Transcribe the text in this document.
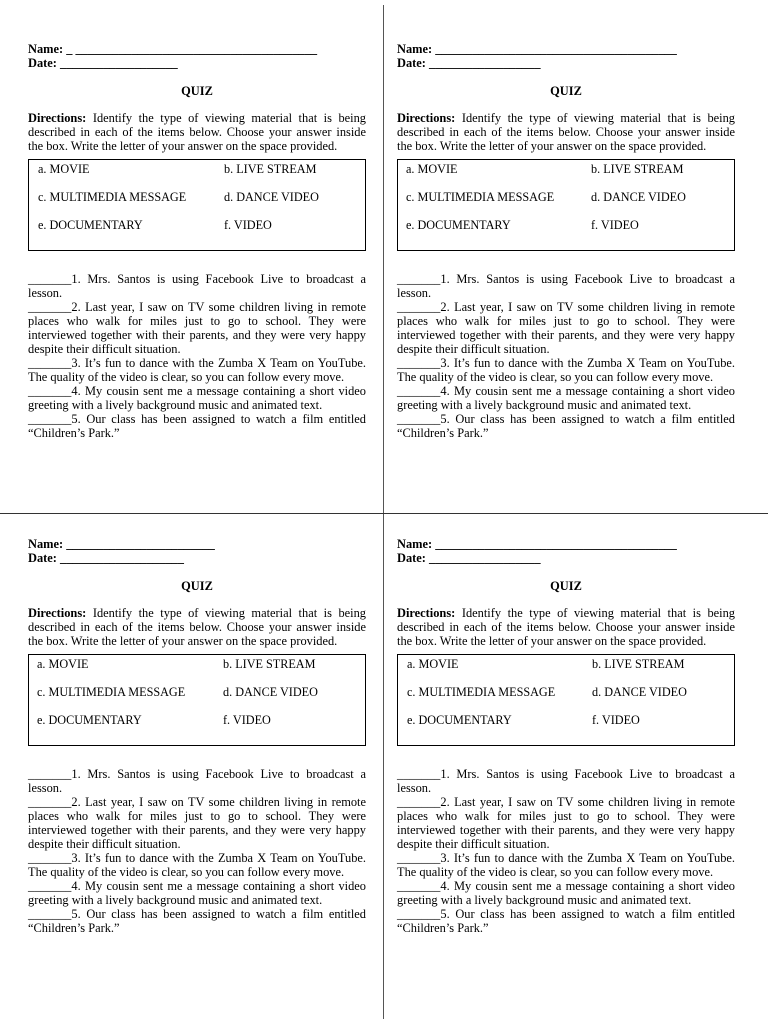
Name: _ _______________________________________
Date: ___________________
QUIZ
Directions: Identify the type of viewing material that is being described in each of the items below. Choose your answer inside the box. Write the letter of your answer on the space provided.
a. MOVIE	b. LIVE STREAM
c. MULTIMEDIA MESSAGE	d. DANCE VIDEO
e. DOCUMENTARY	f. VIDEO
_______1. Mrs. Santos is using Facebook Live to broadcast a lesson.
_______2. Last year, I saw on TV some children living in remote places who walk for miles just to go to school. They were interviewed together with their parents, and they were very happy despite their difficult situation.
_______3. It’s fun to dance with the Zumba X Team on YouTube. The quality of the video is clear, so you can follow every move.
_______4. My cousin sent me a message containing a short video greeting with a lively background music and animated text.
_______5. Our class has been assigned to watch a film entitled “Children’s Park.”
Name: _______________________________________
Date: __________________
QUIZ
Directions: Identify the type of viewing material that is being described in each of the items below. Choose your answer inside the box. Write the letter of your answer on the space provided.
a. MOVIE	b. LIVE STREAM
c. MULTIMEDIA MESSAGE	d. DANCE VIDEO
e. DOCUMENTARY	f. VIDEO
_______1. Mrs. Santos is using Facebook Live to broadcast a lesson.
_______2. Last year, I saw on TV some children living in remote places who walk for miles just to go to school. They were interviewed together with their parents, and they were very happy despite their difficult situation.
_______3. It’s fun to dance with the Zumba X Team on YouTube. The quality of the video is clear, so you can follow every move.
_______4. My cousin sent me a message containing a short video greeting with a lively background music and animated text.
_______5. Our class has been assigned to watch a film entitled “Children’s Park.”
Name: ________________________
Date: ____________________
QUIZ
Directions: Identify the type of viewing material that is being described in each of the items below. Choose your answer inside the box. Write the letter of your answer on the space provided.
a. MOVIE	b. LIVE STREAM
c. MULTIMEDIA MESSAGE	d. DANCE VIDEO
e. DOCUMENTARY	f. VIDEO
_______1. Mrs. Santos is using Facebook Live to broadcast a lesson.
_______2. Last year, I saw on TV some children living in remote places who walk for miles just to go to school. They were interviewed together with their parents, and they were very happy despite their difficult situation.
_______3. It’s fun to dance with the Zumba X Team on YouTube. The quality of the video is clear, so you can follow every move.
_______4. My cousin sent me a message containing a short video greeting with a lively background music and animated text.
_______5. Our class has been assigned to watch a film entitled “Children’s Park.”
Name: _______________________________________
Date: __________________
QUIZ
Directions: Identify the type of viewing material that is being described in each of the items below. Choose your answer inside the box. Write the letter of your answer on the space provided.
a. MOVIE	b. LIVE STREAM
c. MULTIMEDIA MESSAGE	d. DANCE VIDEO
e. DOCUMENTARY	f. VIDEO
_______1. Mrs. Santos is using Facebook Live to broadcast a lesson.
_______2. Last year, I saw on TV some children living in remote places who walk for miles just to go to school. They were interviewed together with their parents, and they were very happy despite their difficult situation.
_______3. It’s fun to dance with the Zumba X Team on YouTube. The quality of the video is clear, so you can follow every move.
_______4. My cousin sent me a message containing a short video greeting with a lively background music and animated text.
_______5. Our class has been assigned to watch a film entitled “Children’s Park.”
